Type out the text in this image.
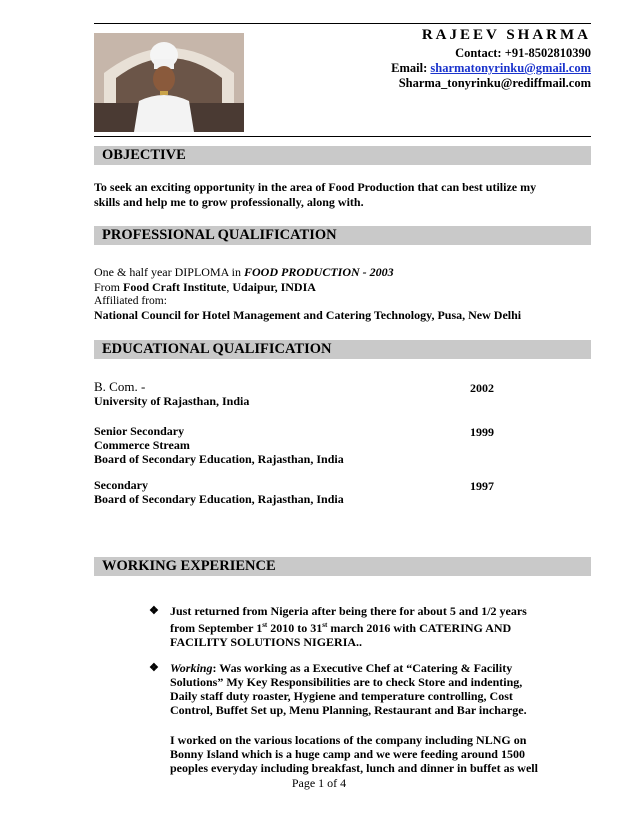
RAJEEV SHARMA
Contact: +91-8502810390
Email: sharmatonyrinku@gmail.com
Sharma_tonyrinku@rediffmail.com
OBJECTIVE
To seek an exciting opportunity in the area of Food Production that can best utilize my
skills and help me to grow professionally, along with.
PROFESSIONAL QUALIFICATION
One & half year DIPLOMA in FOOD PRODUCTION - 2003
From Food Craft Institute, Udaipur, INDIA
Affiliated from:
National Council for Hotel Management and Catering Technology, Pusa, New Delhi
EDUCATIONAL QUALIFICATION
B. Com. -
University of Rajasthan, India
2002
Senior Secondary
Commerce Stream
Board of Secondary Education, Rajasthan, India
1999
Secondary
Board of Secondary Education, Rajasthan, India
1997
WORKING EXPERIENCE
❖ Just returned from Nigeria after being there for about 5 and 1/2 years
from September 1st 2010 to 31st march 2016 with CATERING AND
FACILITY SOLUTIONS NIGERIA..
❖ Working: Was working as a Executive Chef at “Catering & Facility
Solutions” My Key Responsibilities are to check Store and indenting,
Daily staff duty roaster, Hygiene and temperature controlling, Cost
Control, Buffet Set up, Menu Planning, Restaurant and Bar incharge.
I worked on the various locations of the company including NLNG on
Bonny Island which is a huge camp and we were feeding around 1500
peoples everyday including breakfast, lunch and dinner in buffet as well
Page 1 of 4
